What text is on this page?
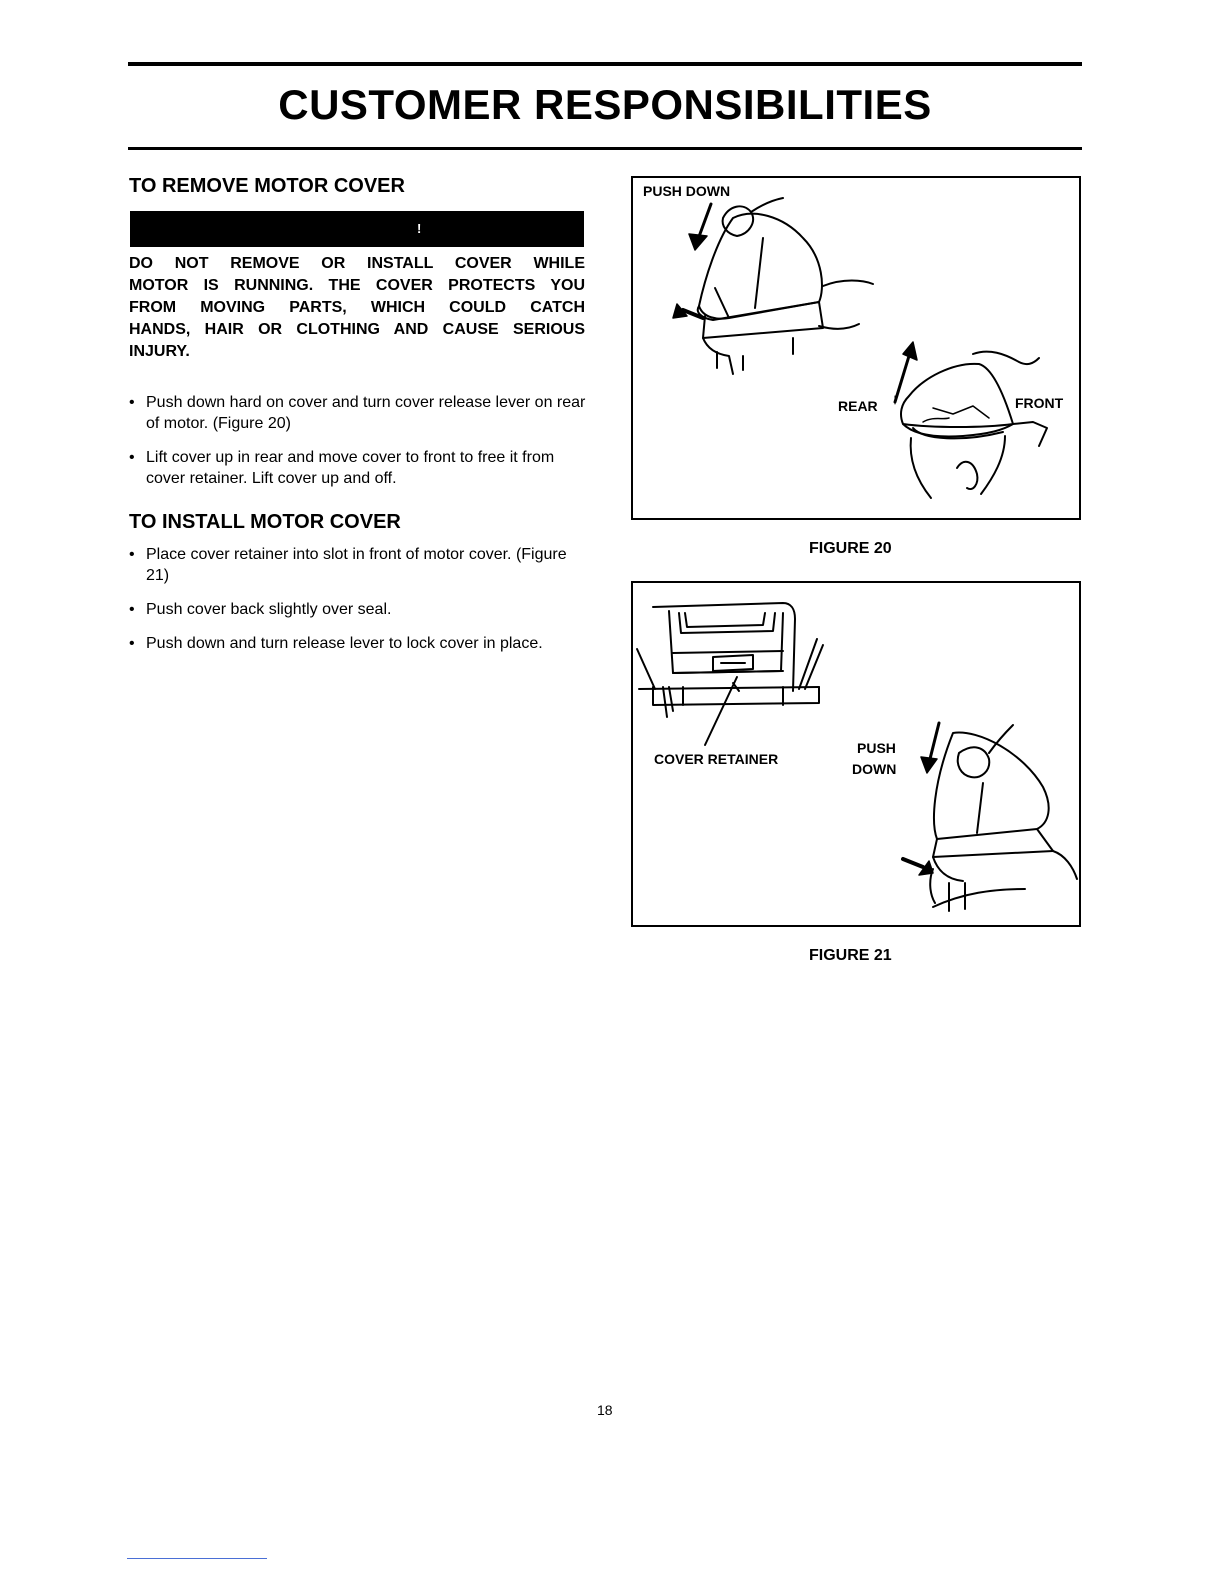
CUSTOMER RESPONSIBILITIES
TO REMOVE MOTOR COVER
!
DO NOT REMOVE OR INSTALL COVER WHILE
MOTOR IS RUNNING. THE COVER PROTECTS YOU
FROM MOVING PARTS, WHICH COULD CATCH
HANDS, HAIR OR CLOTHING AND CAUSE SERIOUS
INJURY.
• Push down hard on cover and turn cover release lever on rear of motor. (Figure 20)
• Lift cover up in rear and move cover to front to free it from cover retainer. Lift cover up and off.
TO INSTALL MOTOR COVER
• Place cover retainer into slot in front of motor cover. (Figure 21)
• Push cover back slightly over seal.
• Push down and turn release lever to lock cover in place.
PUSH DOWN
REAR	FRONT
FIGURE 20
COVER RETAINER
PUSH
DOWN
FIGURE 21
18
